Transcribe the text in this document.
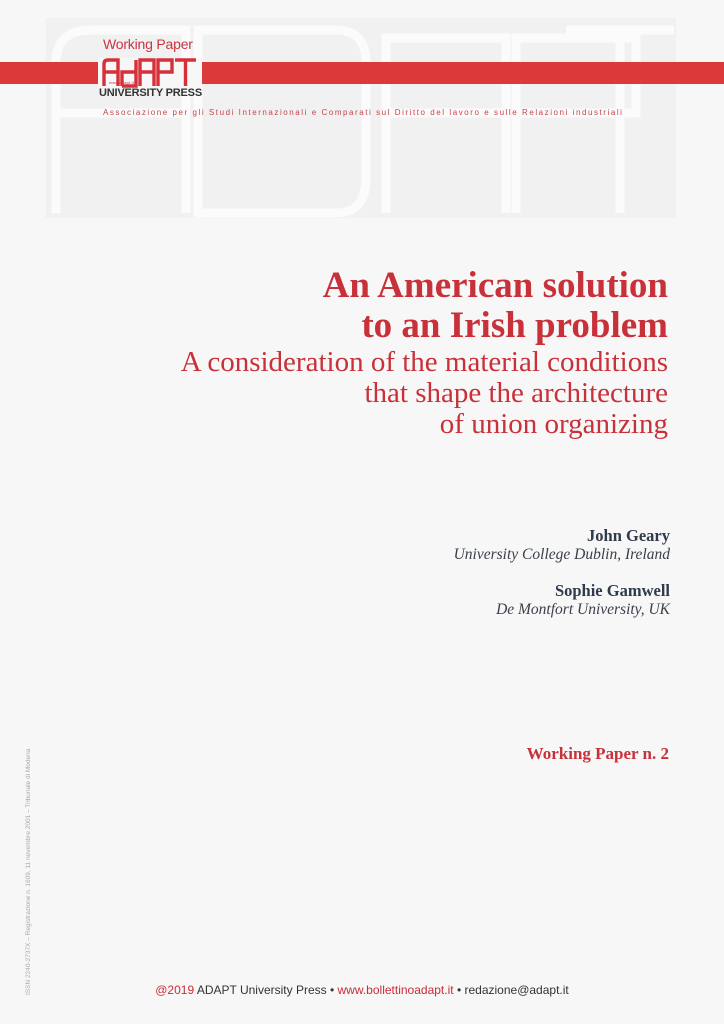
Working Paper
www.adapt.it
UNIVERSITY PRESS
Associazione per gli Studi Internazionali e Comparati sul Diritto del lavoro e sulle Relazioni industriali
An American solution
to an Irish problem
A consideration of the material conditions
that shape the architecture
of union organizing
John Geary
University College Dublin, Ireland
Sophie Gamwell
De Montfort University, UK
Working Paper n. 2
ISSN 2240-2737X – Registrazione n. 1609, 11 novembre 2001 – Tribunale di Modena	@2019 ADAPT University Press • www.bollettinoadapt.it • redazione@adapt.it
